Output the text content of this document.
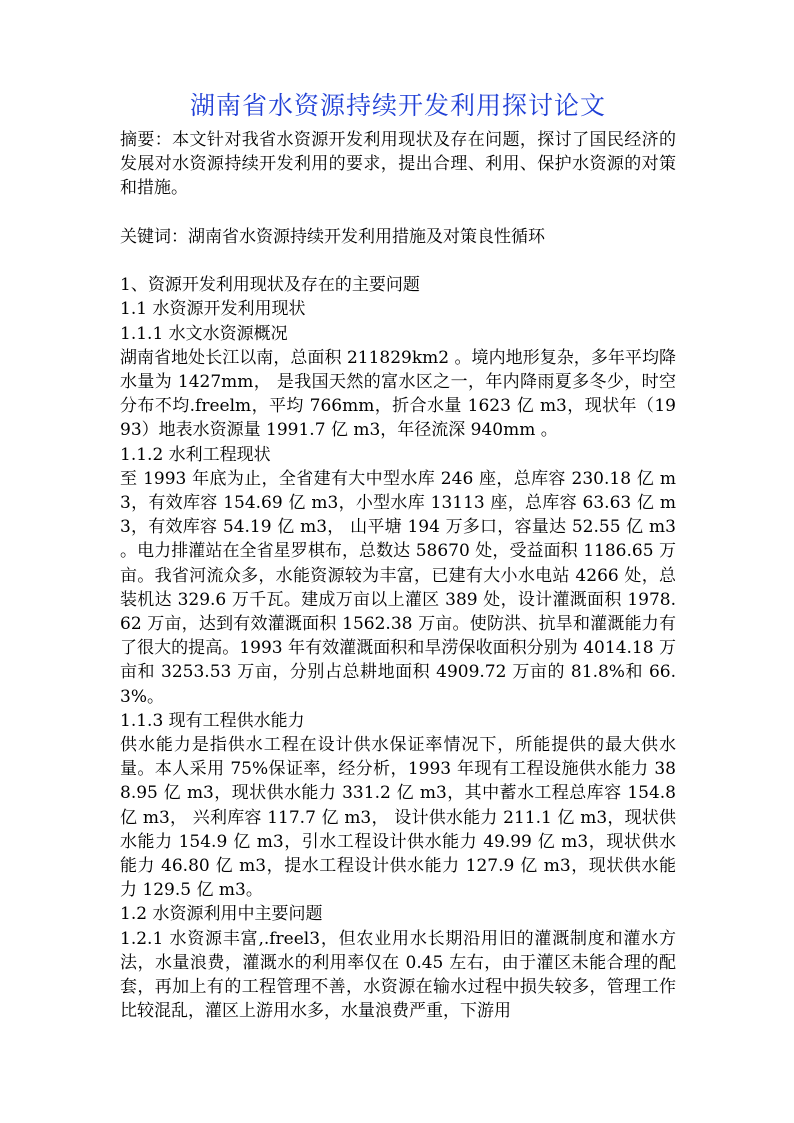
湖南省水资源持续开发利用探讨论文

摘要：本文针对我省水资源开发利用现状及存在问题，探讨了国民经济的发展对水资源持续开发利用的要求，提出合理、利用、保护水资源的对策和措施。

关键词：湖南省水资源持续开发利用措施及对策良性循环

1、资源开发利用现状及存在的主要问题

1.1 水资源开发利用现状

1.1.1 水文水资源概况

湖南省地处长江以南，总面积 211829km2 。境内地形复杂，多年平均降水量为 1427mm， 是我国天然的富水区之一，年内降雨夏多冬少，时空分布不均.freelm，平均 766mm，折合水量 1623 亿 m3，现状年（1993）地表水资源量 1991.7 亿 m3，年径流深 940mm 。

1.1.2 水利工程现状

至 1993 年底为止，全省建有大中型水库 246 座，总库容 230.18 亿 m3，有效库容 154.69 亿 m3，小型水库 13113 座，总库容 63.63 亿 m3，有效库容 54.19 亿 m3， 山平塘 194 万多口，容量达 52.55 亿 m3 。电力排灌站在全省星罗棋布，总数达 58670 处，受益面积 1186.65 万亩。我省河流众多，水能资源较为丰富，已建有大小水电站 4266 处，总装机达 329.6 万千瓦。建成万亩以上灌区 389 处，设计灌溉面积 1978.62 万亩，达到有效灌溉面积 1562.38 万亩。使防洪、抗旱和灌溉能力有了很大的提高。1993 年有效灌溉面积和旱涝保收面积分别为 4014.18 万亩和 3253.53 万亩，分别占总耕地面积 4909.72 万亩的 81.8%和 66.3%。

1.1.3 现有工程供水能力

供水能力是指供水工程在设计供水保证率情况下，所能提供的最大供水量。本人采用 75%保证率，经分析，1993 年现有工程设施供水能力 388.95 亿 m3，现状供水能力 331.2 亿 m3，其中蓄水工程总库容 154.8 亿 m3， 兴利库容 117.7 亿 m3， 设计供水能力 211.1 亿 m3，现状供水能力 154.9 亿 m3，引水工程设计供水能力 49.99 亿 m3，现状供水能力 46.80 亿 m3，提水工程设计供水能力 127.9 亿 m3，现状供水能力 129.5 亿 m3。

1.2 水资源利用中主要问题

1.2.1 水资源丰富,.freel3，但农业用水长期沿用旧的灌溉制度和灌水方法，水量浪费，灌溉水的利用率仅在 0.45 左右，由于灌区未能合理的配套，再加上有的工程管理不善，水资源在输水过程中损失较多，管理工作比较混乱，灌区上游用水多，水量浪费严重，下游用
